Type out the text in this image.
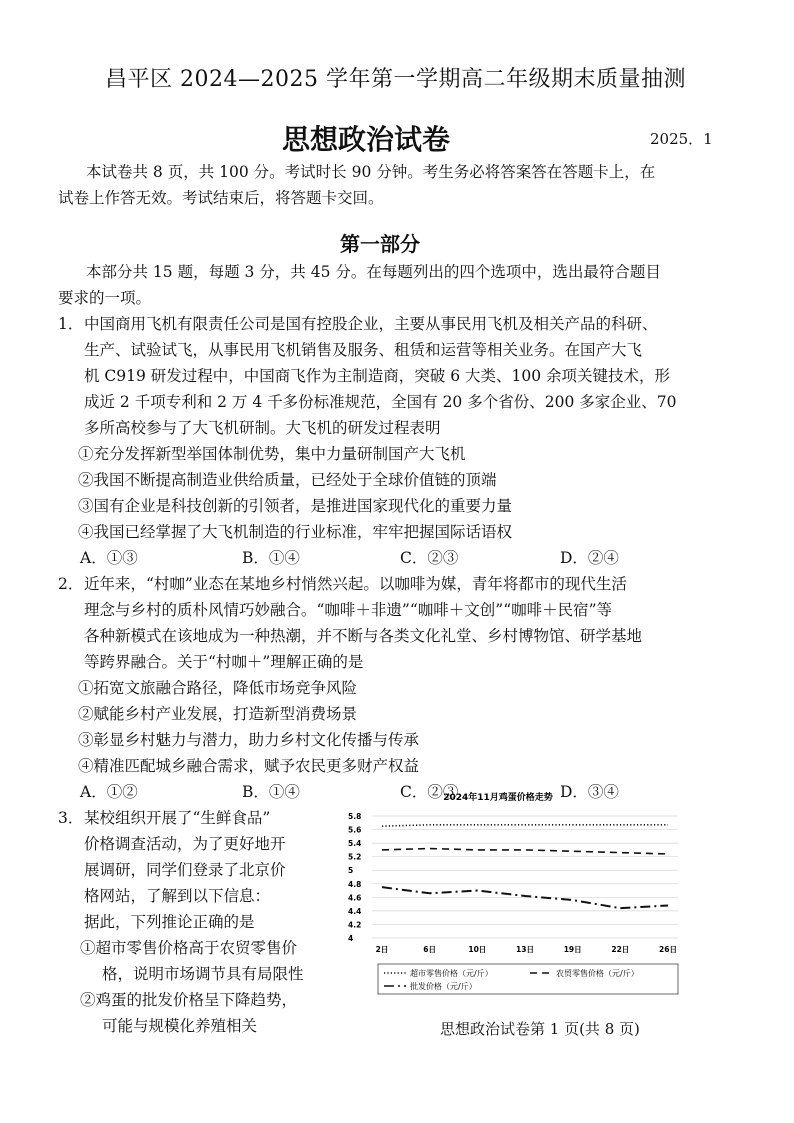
昌平区 2024—2025 学年第一学期高二年级期末质量抽测
思想政治试卷	2025．1
本试卷共 8 页，共 100 分。考试时长 90 分钟。考生务必将答案答在答题卡上，在
试卷上作答无效。考试结束后，将答题卡交回。
第一部分
本部分共 15 题，每题 3 分，共 45 分。在每题列出的四个选项中，选出最符合题目
要求的一项。
1． 中国商用飞机有限责任公司是国有控股企业，主要从事民用飞机及相关产品的科研、
生产、试验试飞，从事民用飞机销售及服务、租赁和运营等相关业务。在国产大飞
机 C919 研发过程中，中国商飞作为主制造商，突破 6 大类、100 余项关键技术，形
成近 2 千项专利和 2 万 4 千多份标准规范，全国有 20 多个省份、200 多家企业、70
多所高校参与了大飞机研制。大飞机的研发过程表明
①充分发挥新型举国体制优势，集中力量研制国产大飞机
②我国不断提高制造业供给质量，已经处于全球价值链的顶端
③国有企业是科技创新的引领者，是推进国家现代化的重要力量
④我国已经掌握了大飞机制造的行业标准，牢牢把握国际话语权
A．①③	B．①④	C．②③	D．②④
2． 近年来，“村咖”业态在某地乡村悄然兴起。以咖啡为媒，青年将都市的现代生活
理念与乡村的质朴风情巧妙融合。“咖啡＋非遗”“咖啡＋文创”“咖啡＋民宿”等
各种新模式在该地成为一种热潮，并不断与各类文化礼堂、乡村博物馆、研学基地
等跨界融合。关于“村咖＋”理解正确的是
①拓宽文旅融合路径，降低市场竞争风险
②赋能乡村产业发展，打造新型消费场景
③彰显乡村魅力与潜力，助力乡村文化传播与传承
④精准匹配城乡融合需求，赋予农民更多财产权益
A．①②	B．①④	C．②③	D．③④
3． 某校组织开展了“生鲜食品”
价格调查活动，为了更好地开
展调研，同学们登录了北京价
格网站，了解到以下信息：
据此，下列推论正确的是
①超市零售价格高于农贸零售价
格，说明市场调节具有局限性
②鸡蛋的批发价格呈下降趋势，
可能与规模化养殖相关
2024年11月鸡蛋价格走势
4
4.2
4.4
4.6
4.8
5
5.2
5.4
5.6
5.8
2日	6日	10日	13日	19日	22日	26日
超市零售价格（元/斤）	农贸零售价格（元/斤）
批发价格（元/斤）
思想政治试卷第 1 页(共 8 页)
